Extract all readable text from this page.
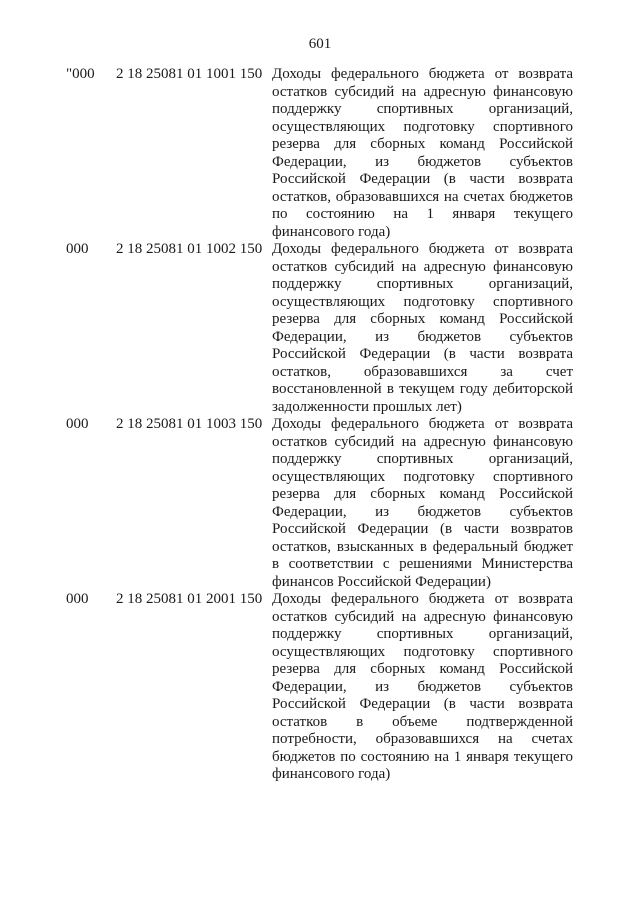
601
"000 2 18 25081 01 1001 150 Доходы федерального бюджета от возврата
остатков субсидий на адресную финансовую
поддержку спортивных организаций,
осуществляющих подготовку спортивного
резерва для сборных команд Российской
Федерации, из бюджетов субъектов
Российской Федерации (в части возврата
остатков, образовавшихся на счетах бюджетов
по состоянию на 1 января текущего
финансового года)
000 2 18 25081 01 1002 150 Доходы федерального бюджета от возврата
остатков субсидий на адресную финансовую
поддержку спортивных организаций,
осуществляющих подготовку спортивного
резерва для сборных команд Российской
Федерации, из бюджетов субъектов
Российской Федерации (в части возврата
остатков, образовавшихся за счет
восстановленной в текущем году дебиторской
задолженности прошлых лет)
000 2 18 25081 01 1003 150 Доходы федерального бюджета от возврата
остатков субсидий на адресную финансовую
поддержку спортивных организаций,
осуществляющих подготовку спортивного
резерва для сборных команд Российской
Федерации, из бюджетов субъектов
Российской Федерации (в части возвратов
остатков, взысканных в федеральный бюджет
в соответствии с решениями Министерства
финансов Российской Федерации)
000 2 18 25081 01 2001 150 Доходы федерального бюджета от возврата
остатков субсидий на адресную финансовую
поддержку спортивных организаций,
осуществляющих подготовку спортивного
резерва для сборных команд Российской
Федерации, из бюджетов субъектов
Российской Федерации (в части возврата
остатков в объеме подтвержденной
потребности, образовавшихся на счетах
бюджетов по состоянию на 1 января текущего
финансового года)
